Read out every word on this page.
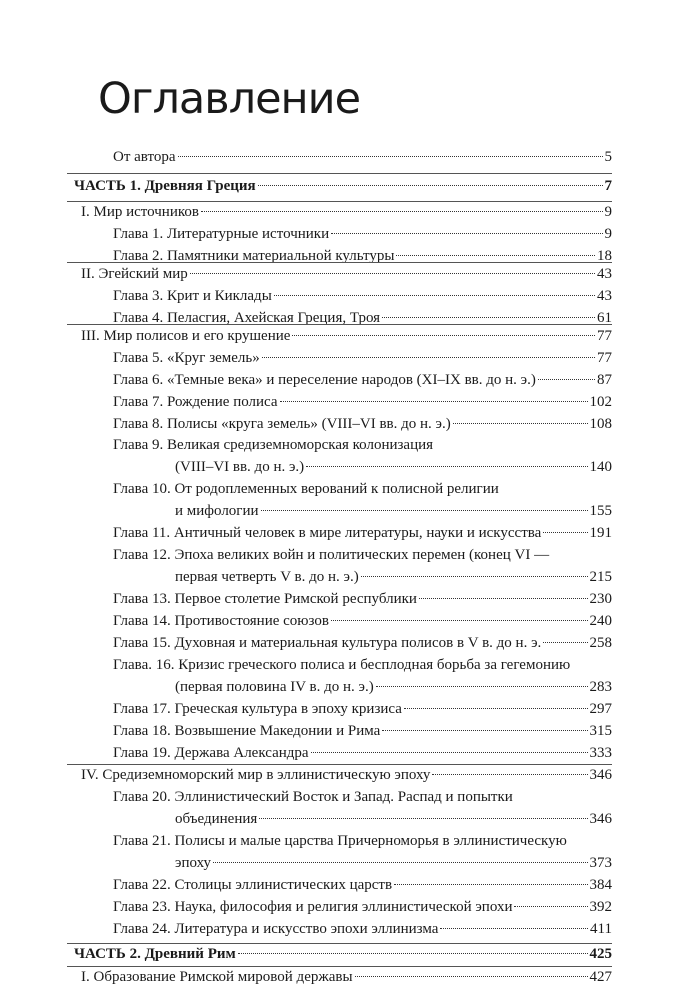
Оглавление
От автора	5
ЧАСТЬ 1. Древняя Греция	7
I. Мир источников	9
Глава 1. Литературные источники	9
Глава 2. Памятники материальной культуры	18
II. Эгейский мир	43
Глава 3. Крит и Киклады	43
Глава 4. Пеласгия, Ахейская Греция, Троя	61
III. Мир полисов и его крушение	77
Глава 5. «Круг земель»	77
Глава 6. «Темные века» и переселение народов (XI–IX вв. до н. э.)	87
Глава 7. Рождение полиса	102
Глава 8. Полисы «круга земель» (VIII–VI вв. до н. э.)	108
Глава 9. Великая средиземноморская колонизация
(VIII–VI вв. до н. э.)	140
Глава 10. От родоплеменных верований к полисной религии
и мифологии	155
Глава 11. Античный человек в мире литературы, науки и искусства	191
Глава 12. Эпоха великих войн и политических перемен (конец VI —
первая четверть V в. до н. э.)	215
Глава 13. Первое столетие Римской республики	230
Глава 14. Противостояние союзов	240
Глава 15. Духовная и материальная культура полисов в V в. до н. э.	258
Глава. 16. Кризис греческого полиса и бесплодная борьба за гегемонию
(первая половина IV в. до н. э.)	283
Глава 17. Греческая культура в эпоху кризиса	297
Глава 18. Возвышение Македонии и Рима	315
Глава 19. Держава Александра	333
IV. Средиземноморский мир в эллинистическую эпоху	346
Глава 20. Эллинистический Восток и Запад. Распад и попытки
объединения	346
Глава 21. Полисы и малые царства Причерноморья в эллинистическую
эпоху	373
Глава 22. Столицы эллинистических царств	384
Глава 23. Наука, философия и религия эллинистической эпохи	392
Глава 24. Литература и искусство эпохи эллинизма	411
ЧАСТЬ 2. Древний Рим	425
I. Образование Римской мировой державы	427
